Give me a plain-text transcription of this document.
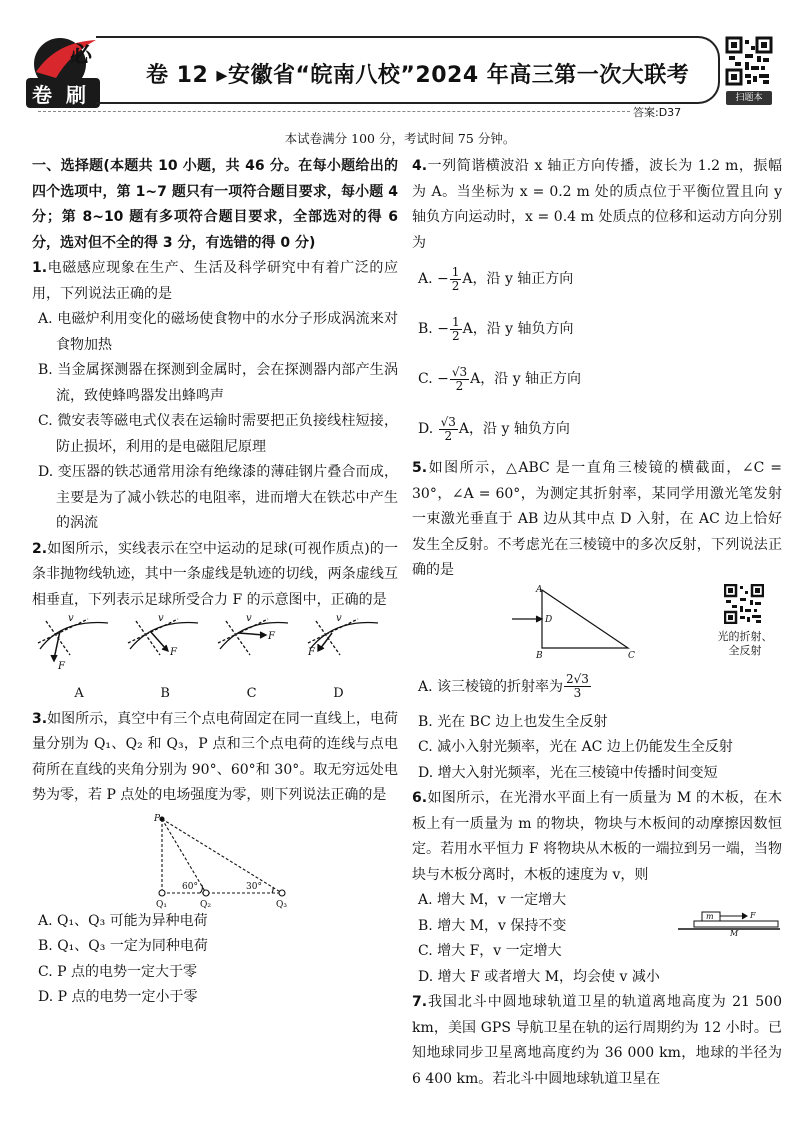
必
卷 刷
卷 12 ▸安徽省“皖南八校”2024 年高三第一次大联考
扫题本
答案:D37
本试卷满分 100 分，考试时间 75 分钟。
一、选择题(本题共 10 小题，共 46 分。在每小题给出的四个选项中，第 1~7 题只有一项符合题目要求，每小题 4 分；第 8~10 题有多项符合题目要求，全部选对的得 6 分，选对但不全的得 3 分，有选错的得 0 分)
1.电磁感应现象在生产、生活及科学研究中有着广泛的应用，下列说法正确的是
A. 电磁炉利用变化的磁场使食物中的水分子形成涡流来对食物加热
B. 当金属探测器在探测到金属时，会在探测器内部产生涡流，致使蜂鸣器发出蜂鸣声
C. 微安表等磁电式仪表在运输时需要把正负接线柱短接，防止损坏，利用的是电磁阻尼原理
D. 变压器的铁芯通常用涂有绝缘漆的薄硅钢片叠合而成，主要是为了减小铁芯的电阻率，进而增大在铁芯中产生的涡流
2.如图所示，实线表示在空中运动的足球(可视作质点)的一条非抛物线轨迹，其中一条虚线是轨迹的切线，两条虚线互相垂直，下列表示足球所受合力 F 的示意图中，正确的是
v
F
v
F
v
F
v
F
A	B	C	D
3.如图所示，真空中有三个点电荷固定在同一直线上，电荷量分别为 Q₁、Q₂ 和 Q₃，P 点和三个点电荷的连线与点电荷所在直线的夹角分别为 90°、60°和 30°。取无穷远处电势为零，若 P 点处的电场强度为零，则下列说法正确的是
P
60°	30°
Q₁	Q₂	Q₃
A. Q₁、Q₃ 可能为异种电荷
B. Q₁、Q₃ 一定为同种电荷
C. P 点的电势一定大于零
D. P 点的电势一定小于零
4.一列简谐横波沿 x 轴正方向传播，波长为 1.2 m，振幅为 A。当坐标为 x = 0.2 m 处的质点位于平衡位置且向 y 轴负方向运动时，x = 0.4 m 处质点的位移和运动方向分别为
A. − $\frac{1}{2}$ A，沿 y 轴正方向
B. − $\frac{1}{2}$ A，沿 y 轴负方向
C. − $\frac{√3}{2}$ A，沿 y 轴正方向
D. $\frac{√3}{2}$ A，沿 y 轴负方向
5.如图所示，△ABC 是一直角三棱镜的横截面，∠C = 30°，∠A = 60°，为测定其折射率，某同学用激光笔发射一束激光垂直于 AB 边从其中点 D 入射，在 AC 边上恰好发生全反射。不考虑光在三棱镜中的多次反射，下列说法正确的是
A
B	C
D
光的折射、全反射
A. 该三棱镜的折射率为 $\frac{2√3}{3}$
B. 光在 BC 边上也发生全反射
C. 减小入射光频率，光在 AC 边上仍能发生全反射
D. 增大入射光频率，光在三棱镜中传播时间变短
6.如图所示，在光滑水平面上有一质量为 M 的木板，在木板上有一质量为 m 的物块，物块与木板间的动摩擦因数恒定。若用水平恒力 F 将物块从木板的一端拉到另一端，当物块与木板分离时，木板的速度为 v，则
m	F
M
A. 增大 M，v 一定增大
B. 增大 M，v 保持不变
C. 增大 F，v 一定增大
D. 增大 F 或者增大 M，均会使 v 减小
7.我国北斗中圆地球轨道卫星的轨道离地高度为 21 500 km，美国 GPS 导航卫星在轨的运行周期约为 12 小时。已知地球同步卫星离地高度约为 36 000 km，地球的半径为 6 400 km。若北斗中圆地球轨道卫星在
